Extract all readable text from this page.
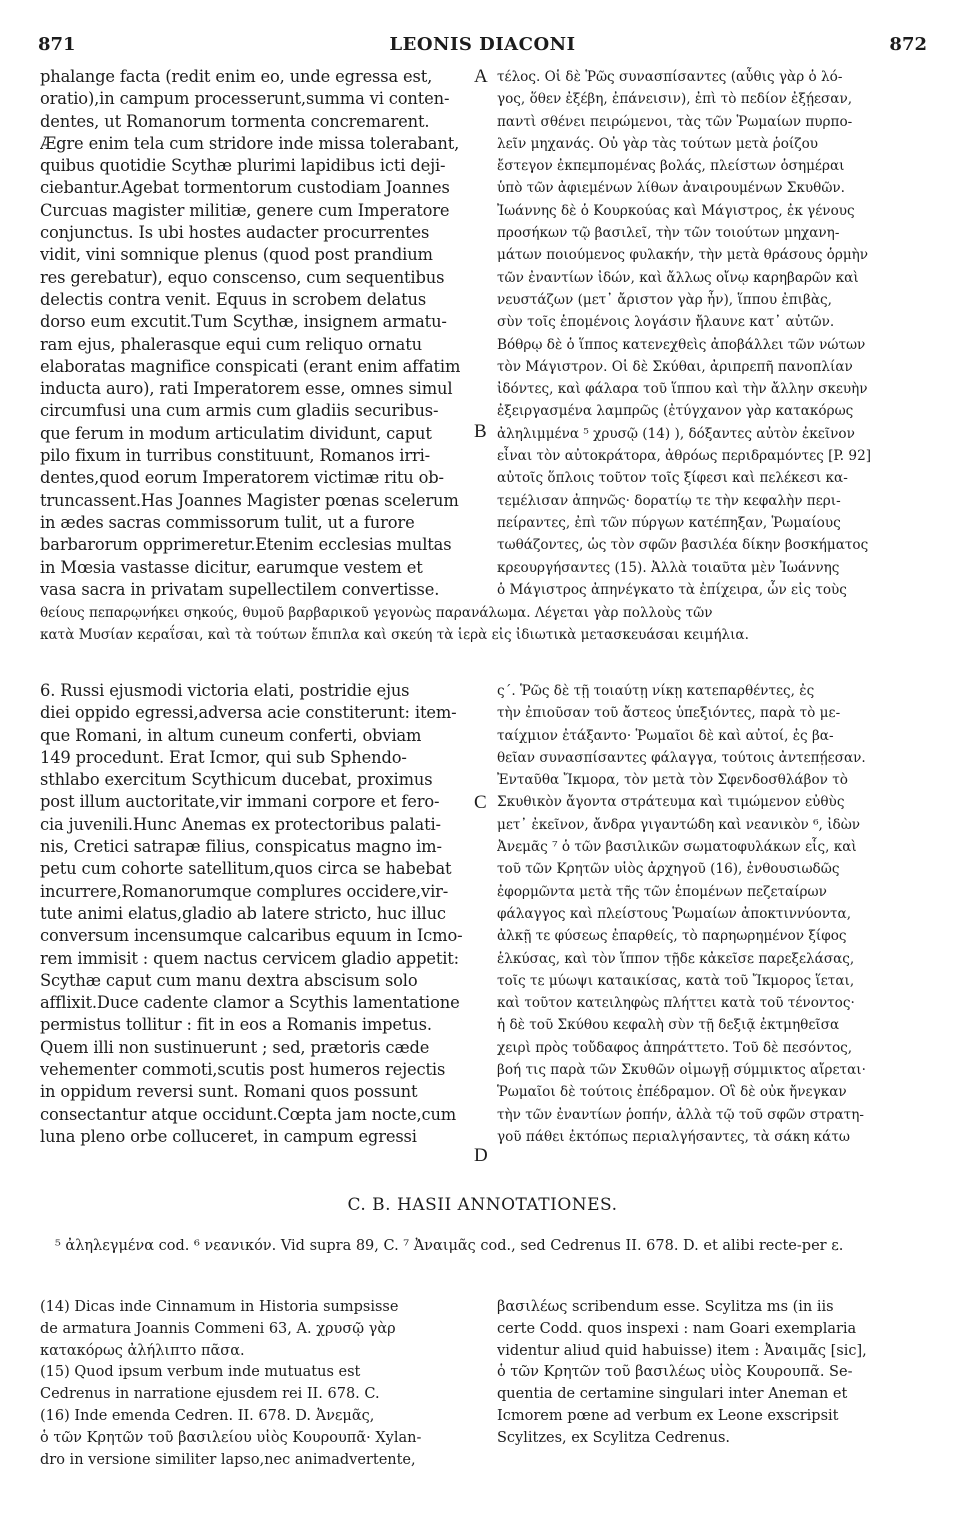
871	LEONIS DIACONI	872
phalange facta (redit enim eo, unde egressa est,
oratio),in campum processerunt,summa vi conten-
dentes, ut Romanorum tormenta concremarent.
Ægre enim tela cum stridore inde missa tolerabant,
quibus quotidie Scythæ plurimi lapidibus icti deji-
ciebantur.Agebat tormentorum custodiam Joannes
Curcuas magister militiæ, genere cum Imperatore
conjunctus. Is ubi hostes audacter procurrentes
vidit, vini somnique plenus (quod post prandium
res gerebatur), equo conscenso, cum sequentibus
delectis contra venit. Equus in scrobem delatus
dorso eum excutit.Tum Scythæ, insignem armatu-
ram ejus, phalerasque equi cum reliquo ornatu
elaboratas magnifice conspicati (erant enim affatim
inducta auro), rati Imperatorem esse, omnes simul
circumfusi una cum armis cum gladiis securibus-
que ferum in modum articulatim dividunt, caput
pilo fixum in turribus constituunt, Romanos irri-
dentes,quod eorum Imperatorem victimæ ritu ob-
truncassent.Has Joannes Magister pœnas scelerum
in ædes sacras commissorum tulit, ut a furore
barbarorum opprimeretur.Etenim ecclesias multas
in Mœsia vastasse dicitur, earumque vestem et
vasa sacra in privatam supellectilem convertisse.
τέλος. Οἱ δὲ Ῥῶς συνασπίσαντες (αὖθις γὰρ ὁ λό-
γος, ὅθεν ἐξέβη, ἐπάνεισιν), ἐπὶ τὸ πεδίον ἐξῄεσαν,
παντὶ σθένει πειρώμενοι, τὰς τῶν Ῥωμαίων πυρπο-
λεῖν μηχανάς. Οὐ γὰρ τὰς τούτων μετὰ ῥοίζου
ἔστεγον ἐκπεμπομένας βολάς, πλείστων ὁσημέραι
ὑπὸ τῶν ἀφιεμένων λίθων ἀναιρουμένων Σκυθῶν.
Ἰωάννης δὲ ὁ Κουρκούας καὶ Μάγιστρος, ἐκ γένους
προσήκων τῷ βασιλεῖ, τὴν τῶν τοιούτων μηχανη-
μάτων ποιούμενος φυλακήν, τὴν μετὰ θράσους ὁρμὴν
τῶν ἐναντίων ἰδών, καὶ ἄλλως οἴνῳ καρηβαρῶν καὶ
νευστάζων (μετ᾽ ἄριστον γὰρ ἦν), ἵππου ἐπιβὰς,
σὺν τοῖς ἑπομένοις λογάσιν ἤλαυνε κατ᾽ αὐτῶν.
Βόθρῳ δὲ ὁ ἵππος κατενεχθεὶς ἀποβάλλει τῶν νώτων
τὸν Μάγιστρον. Οἱ δὲ Σκύθαι, ἀριπρεπῆ πανοπλίαν
ἰδόντες, καὶ φάλαρα τοῦ ἵππου καὶ τὴν ἄλλην σκευὴν
ἐξειργασμένα λαμπρῶς (ἐτύγχανον γὰρ κατακόρως
ἀληλιμμένα ⁵ χρυσῷ (14) ), δόξαντες αὐτὸν ἐκεῖνον
εἶναι τὸν αὐτοκράτορα, ἀθρόως περιδραμόντες [P. 92]
αὐτοῖς ὅπλοις τοῦτον τοῖς ξίφεσι καὶ πελέκεσι κα-
τεμέλισαν ἀπηνῶς· δορατίῳ τε τὴν κεφαλὴν περι-
πείραντες, ἐπὶ τῶν πύργων κατέπηξαν, Ῥωμαίους
τωθάζοντες, ὡς τὸν σφῶν βασιλέα δίκην βοσκήματος
κρεουργήσαντες (15). Ἀλλὰ τοιαῦτα μὲν Ἰωάννης
ὁ Μάγιστρος ἀπηνέγκατο τὰ ἐπίχειρα, ὧν εἰς τοὺς
θείους πεπαρῳνήκει σηκούς, θυμοῦ βαρβαρικοῦ γεγονὼς παρανάλωμα. Λέγεται γὰρ πολλοὺς τῶν
κατὰ Μυσίαν κεραΐσαι, καὶ τὰ τούτων ἔπιπλα καὶ σκεύη τὰ ἱερὰ εἰς ἰδιωτικὰ μετασκευάσαι κειμήλια.
6. Russi ejusmodi victoria elati, postridie ejus
diei oppido egressi,adversa acie constiterunt: item-
que Romani, in altum cuneum conferti, obviam
149 procedunt. Erat Icmor, qui sub Sphendo-
sthlabo exercitum Scythicum ducebat, proximus
post illum auctoritate,vir immani corpore et fero-
cia juvenili.Hunc Anemas ex protectoribus palati-
nis, Cretici satrapæ filius, conspicatus magno im-
petu cum cohorte satellitum,quos circa se habebat
incurrere,Romanorumque complures occidere,vir-
tute animi elatus,gladio ab latere stricto, huc illuc
conversum incensumque calcaribus equum in Icmo-
rem immisit : quem nactus cervicem gladio appetit:
Scythæ caput cum manu dextra abscisum solo
afflixit.Duce cadente clamor a Scythis lamentatione
permistus tollitur : fit in eos a Romanis impetus.
Quem illi non sustinuerunt ; sed, prætoris cæde
vehementer commoti,scutis post humeros rejectis
in oppidum reversi sunt. Romani quos possunt
consectantur atque occidunt.Cœpta jam nocte,cum
luna pleno orbe colluceret, in campum egressi
ς΄. Ῥῶς δὲ τῇ τοιαύτῃ νίκῃ κατεπαρθέντες, ἐς
τὴν ἐπιοῦσαν τοῦ ἄστεος ὑπεξιόντες, παρὰ τὸ με-
ταίχμιον ἐτάξαντο· Ῥωμαῖοι δὲ καὶ αὐτοί, ἐς βα-
θεῖαν συνασπίσαντες φάλαγγα, τούτοις ἀντεπῄεσαν.
Ἐνταῦθα Ἴκμορα, τὸν μετὰ τὸν Σφενδοσθλάβον τὸ
Σκυθικὸν ἄγοντα στράτευμα καὶ τιμώμενον εὐθὺς
μετ᾽ ἐκεῖνον, ἄνδρα γιγαντώδη καὶ νεανικὸν ⁶, ἰδὼν
Ἀνεμᾶς ⁷ ὁ τῶν βασιλικῶν σωματοφυλάκων εἷς, καὶ
τοῦ τῶν Κρητῶν υἱὸς ἀρχηγοῦ (16), ἐνθουσιωδῶς
ἐφορμῶντα μετὰ τῆς τῶν ἑπομένων πεζεταίρων
φάλαγγος καὶ πλείστους Ῥωμαίων ἀποκτιννύοντα,
ἀλκῇ τε φύσεως ἐπαρθείς, τὸ παρηωρημένον ξίφος
ἑλκύσας, καὶ τὸν ἵππον τῇδε κἀκεῖσε παρεξελάσας,
τοῖς τε μύωψι καταικίσας, κατὰ τοῦ Ἴκμορος ἵεται,
καὶ τοῦτον κατειληφὼς πλήττει κατὰ τοῦ τένοντος·
ἡ δὲ τοῦ Σκύθου κεφαλὴ σὺν τῇ δεξιᾷ ἐκτμηθεῖσα
χειρὶ πρὸς τοὔδαφος ἀπηράττετο. Τοῦ δὲ πεσόντος,
βοή τις παρὰ τῶν Σκυθῶν οἰμωγῇ σύμμικτος αἴρεται·
Ῥωμαῖοι δὲ τούτοις ἐπέδραμον. Οἳ δὲ οὐκ ἤνεγκαν
τὴν τῶν ἐναντίων ῥοπήν, ἀλλὰ τῷ τοῦ σφῶν στρατη-
γοῦ πάθει ἐκτόπως περιαλγήσαντες, τὰ σάκη κάτω
A
B
C
D
C. B. HASII ANNOTATIONES.
⁵ ἀληλεγμένα cod. ⁶ νεανικόν. Vid supra 89, C. ⁷ Ἀναιμᾶς cod., sed Cedrenus II. 678. D. et alibi recte-per ε.
(14) Dicas inde Cinnamum in Historia sumpsisse
de armatura Joannis Commeni 63, A. χρυσῷ γὰρ
κατακόρως ἀλήλιπτο πᾶσα.
(15) Quod ipsum verbum inde mutuatus est
Cedrenus in narratione ejusdem rei II. 678. C.
(16) Inde emenda Cedren. II. 678. D. Ἀνεμᾶς,
ὁ τῶν Κρητῶν τοῦ βασιλείου υἱὸς Κουρουπᾶ· Xylan-
dro in versione similiter lapso,nec animadvertente,
βασιλέως scribendum esse. Scylitza ms (in iis
certe Codd. quos inspexi : nam Goari exemplaria
videntur aliud quid habuisse) item : Ἀναιμᾶς [sic],
ὁ τῶν Κρητῶν τοῦ βασιλέως υἱὸς Κουρουπᾶ. Se-
quentia de certamine singulari inter Aneman et
Icmorem pœne ad verbum ex Leone exscripsit
Scylitzes, ex Scylitza Cedrenus.
